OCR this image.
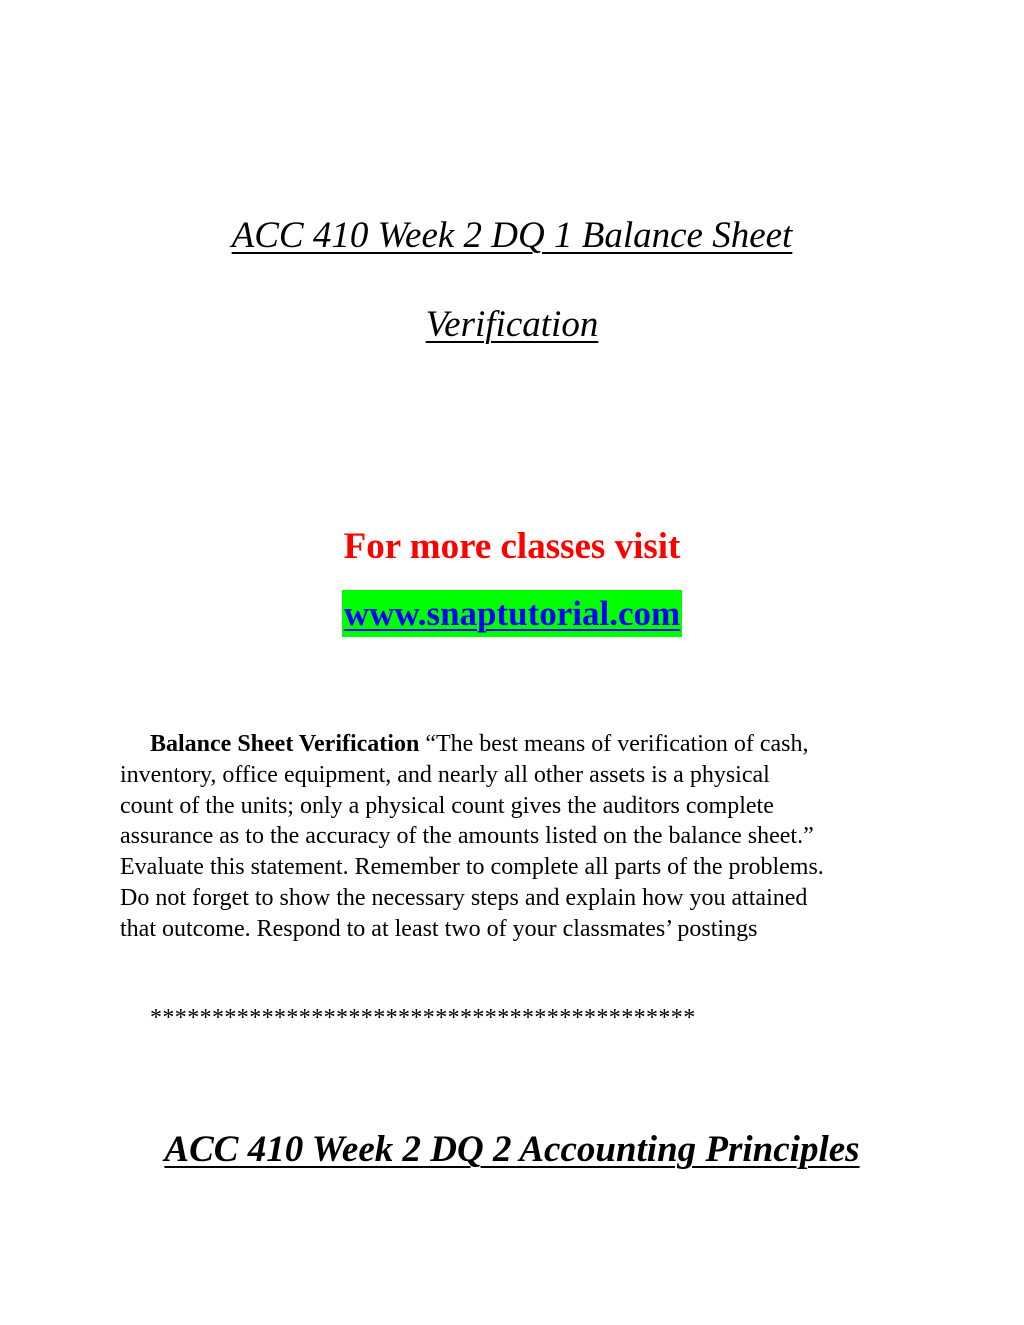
ACC 410 Week 2 DQ 1 Balance Sheet
Verification
For more classes visit
www.snaptutorial.com

Balance Sheet Verification “The best means of verification of cash,
inventory, office equipment, and nearly all other assets is a physical
count of the units; only a physical count gives the auditors complete
assurance as to the accuracy of the amounts listed on the balance sheet.”
Evaluate this statement. Remember to complete all parts of the problems.
Do not forget to show the necessary steps and explain how you attained
that outcome. Respond to at least two of your classmates’ postings

********************************************

ACC 410 Week 2 DQ 2 Accounting Principles
